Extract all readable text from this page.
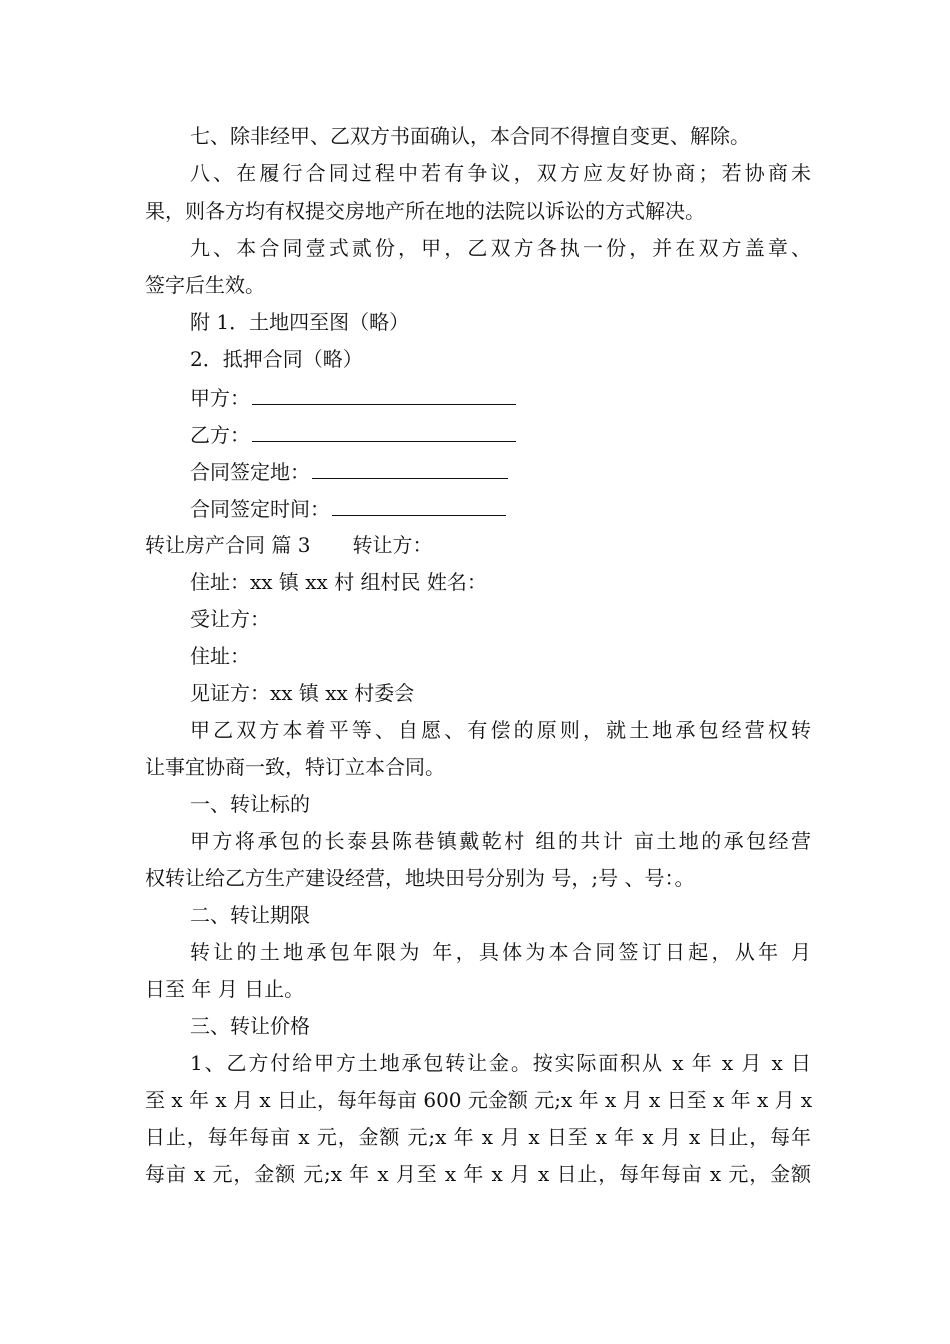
七、除非经甲、乙双方书面确认，本合同不得擅自变更、解除。
八、在履行合同过程中若有争议，双方应友好协商；若协商未
果，则各方均有权提交房地产所在地的法院以诉讼的方式解决。
九、本合同壹式贰份，甲，乙双方各执一份，并在双方盖章、
签字后生效。
附 1．土地四至图（略）
2．抵押合同（略）
甲方：
乙方：
合同签定地：
合同签定时间：
转让房产合同 篇 3 转让方：
住址：xx 镇 xx 村 组村民 姓名：
受让方：
住址：
见证方：xx 镇 xx 村委会
甲乙双方本着平等、自愿、有偿的原则，就土地承包经营权转
让事宜协商一致，特订立本合同。
一、转让标的
甲方将承包的长泰县陈巷镇戴乾村 组的共计 亩土地的承包经营
权转让给乙方生产建设经营，地块田号分别为 号，;号 、号：。
二、转让期限
转让的土地承包年限为 年，具体为本合同签订日起，从年 月
日至 年 月 日止。
三、转让价格
1、乙方付给甲方土地承包转让金。按实际面积从 x 年 x 月 x 日
至 x 年 x 月 x 日止，每年每亩 600 元金额 元;x 年 x 月 x 日至 x 年 x 月 x
日止，每年每亩 x 元，金额 元;x 年 x 月 x 日至 x 年 x 月 x 日止，每年
每亩 x 元，金额 元;x 年 x 月至 x 年 x 月 x 日止，每年每亩 x 元，金额
